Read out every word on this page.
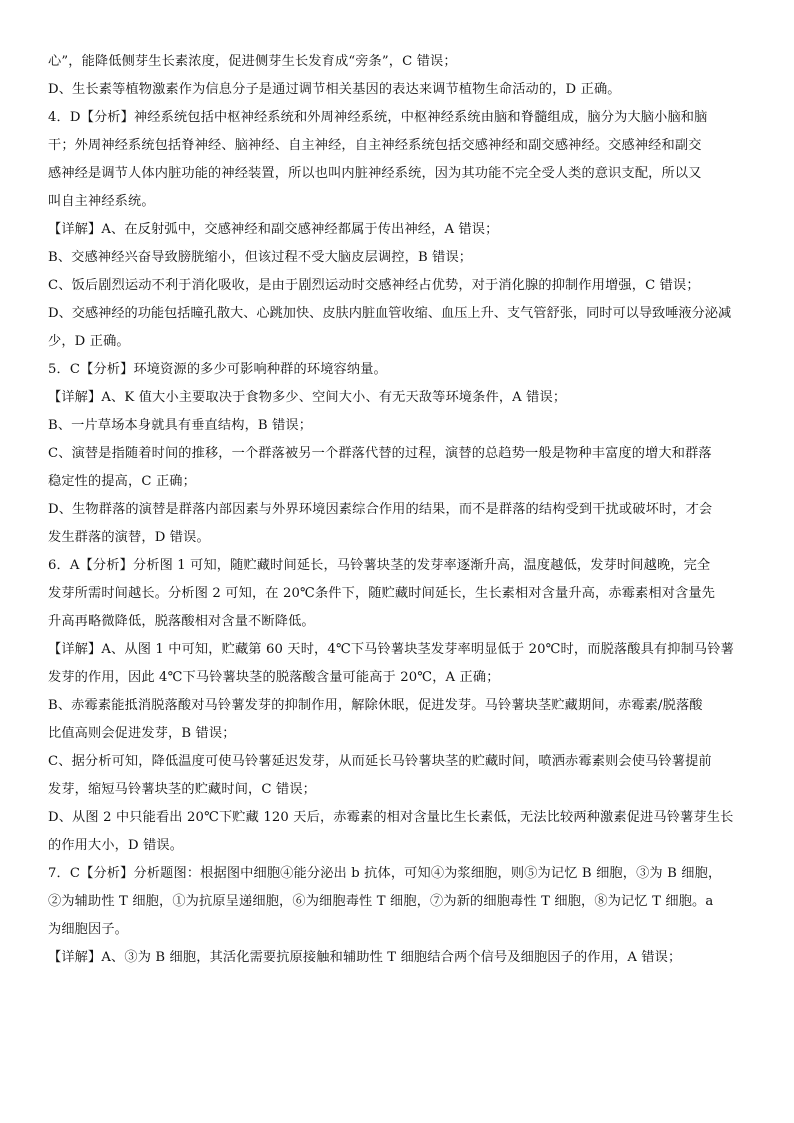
心”，能降低侧芽生长素浓度，促进侧芽生长发育成“旁条”，C 错误；
D、生长素等植物激素作为信息分子是通过调节相关基因的表达来调节植物生命活动的，D 正确。
4．D【分析】神经系统包括中枢神经系统和外周神经系统，中枢神经系统由脑和脊髓组成，脑分为大脑小脑和脑
干；外周神经系统包括脊神经、脑神经、自主神经，自主神经系统包括交感神经和副交感神经。交感神经和副交
感神经是调节人体内脏功能的神经装置，所以也叫内脏神经系统，因为其功能不完全受人类的意识支配，所以又
叫自主神经系统。
【详解】A、在反射弧中，交感神经和副交感神经都属于传出神经，A 错误；
B、交感神经兴奋导致膀胱缩小，但该过程不受大脑皮层调控，B 错误；
C、饭后剧烈运动不利于消化吸收，是由于剧烈运动时交感神经占优势，对于消化腺的抑制作用增强，C 错误；
D、交感神经的功能包括瞳孔散大、心跳加快、皮肤内脏血管收缩、血压上升、支气管舒张，同时可以导致唾液分泌减
少，D 正确。
5．C【分析】环境资源的多少可影响种群的环境容纳量。
【详解】A、K 值大小主要取决于食物多少、空间大小、有无天敌等环境条件，A 错误；
B、一片草场本身就具有垂直结构，B 错误；
C、演替是指随着时间的推移，一个群落被另一个群落代替的过程，演替的总趋势一般是物种丰富度的增大和群落
稳定性的提高，C 正确；
D、生物群落的演替是群落内部因素与外界环境因素综合作用的结果，而不是群落的结构受到干扰或破坏时，才会
发生群落的演替，D 错误。
6．A【分析】分析图 1 可知，随贮藏时间延长，马铃薯块茎的发芽率逐渐升高，温度越低，发芽时间越晚，完全
发芽所需时间越长。分析图 2 可知，在 20℃条件下，随贮藏时间延长，生长素相对含量升高，赤霉素相对含量先
升高再略微降低，脱落酸相对含量不断降低。
【详解】A、从图 1 中可知，贮藏第 60 天时，4℃下马铃薯块茎发芽率明显低于 20℃时，而脱落酸具有抑制马铃薯
发芽的作用，因此 4℃下马铃薯块茎的脱落酸含量可能高于 20℃，A 正确；
B、赤霉素能抵消脱落酸对马铃薯发芽的抑制作用，解除休眠，促进发芽。马铃薯块茎贮藏期间，赤霉素/脱落酸
比值高则会促进发芽，B 错误；
C、据分析可知，降低温度可使马铃薯延迟发芽，从而延长马铃薯块茎的贮藏时间，喷洒赤霉素则会使马铃薯提前
发芽，缩短马铃薯块茎的贮藏时间，C 错误；
D、从图 2 中只能看出 20℃下贮藏 120 天后，赤霉素的相对含量比生长素低，无法比较两种激素促进马铃薯芽生长
的作用大小，D 错误。
7．C【分析】分析题图：根据图中细胞④能分泌出 b 抗体，可知④为浆细胞，则⑤为记忆 B 细胞，③为 B 细胞，
②为辅助性 T 细胞，①为抗原呈递细胞，⑥为细胞毒性 T 细胞，⑦为新的细胞毒性 T 细胞，⑧为记忆 T 细胞。a
为细胞因子。
【详解】A、③为 B 细胞，其活化需要抗原接触和辅助性 T 细胞结合两个信号及细胞因子的作用，A 错误；
